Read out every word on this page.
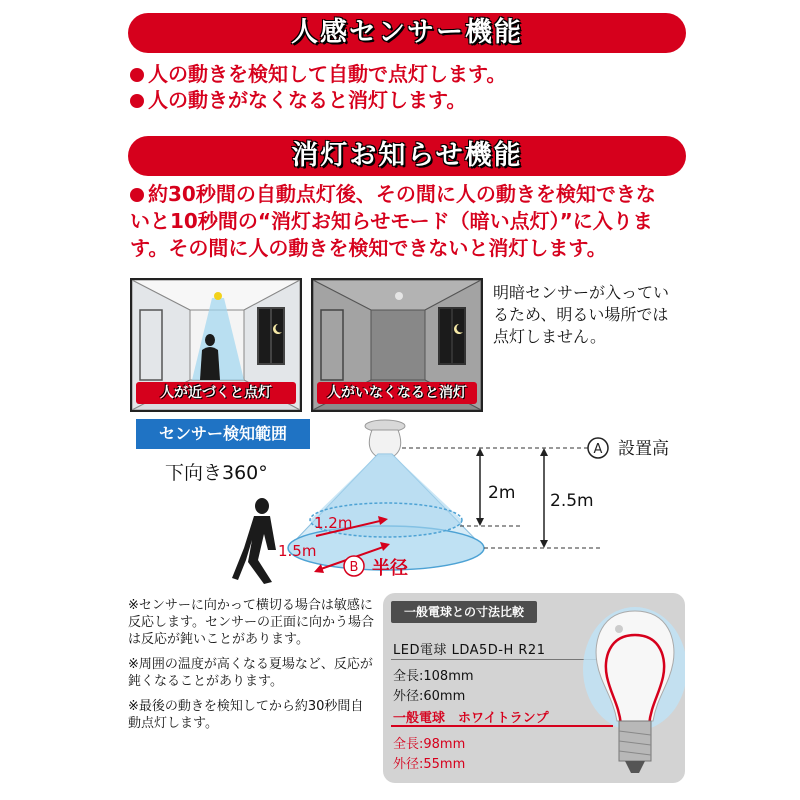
人感センサー機能
人の動きを検知して自動で点灯します。
人の動きがなくなると消灯します。
消灯お知らせ機能
約30秒間の自動点灯後、その間に人の動きを検知できな
いと10秒間の“消灯お知らせモード（暗い点灯）”に入りま
す。その間に人の動きを検知できないと消灯します。
人が近づくと点灯	人がいなくなると消灯
明暗センサーが入ってい
るため、明るい場所では
点灯しません。
センサー検知範囲
下向き360°
A 設置高
2m 2.5m
1.2m
1.5m
B 半径

※センサーに向かって横切る場合は敏感に反応します。センサーの正面に向かう場合は反応が鈍いことがあります。

※周囲の温度が高くなる夏場など、反応が鈍くなることがあります。

※最後の動きを検知してから約30秒間自動点灯します。

一般電球との寸法比較
LED電球 LDA5D-H R21
全長:108mm
外径:60mm
一般電球　ホワイトランプ
全長:98mm
外径:55mm
